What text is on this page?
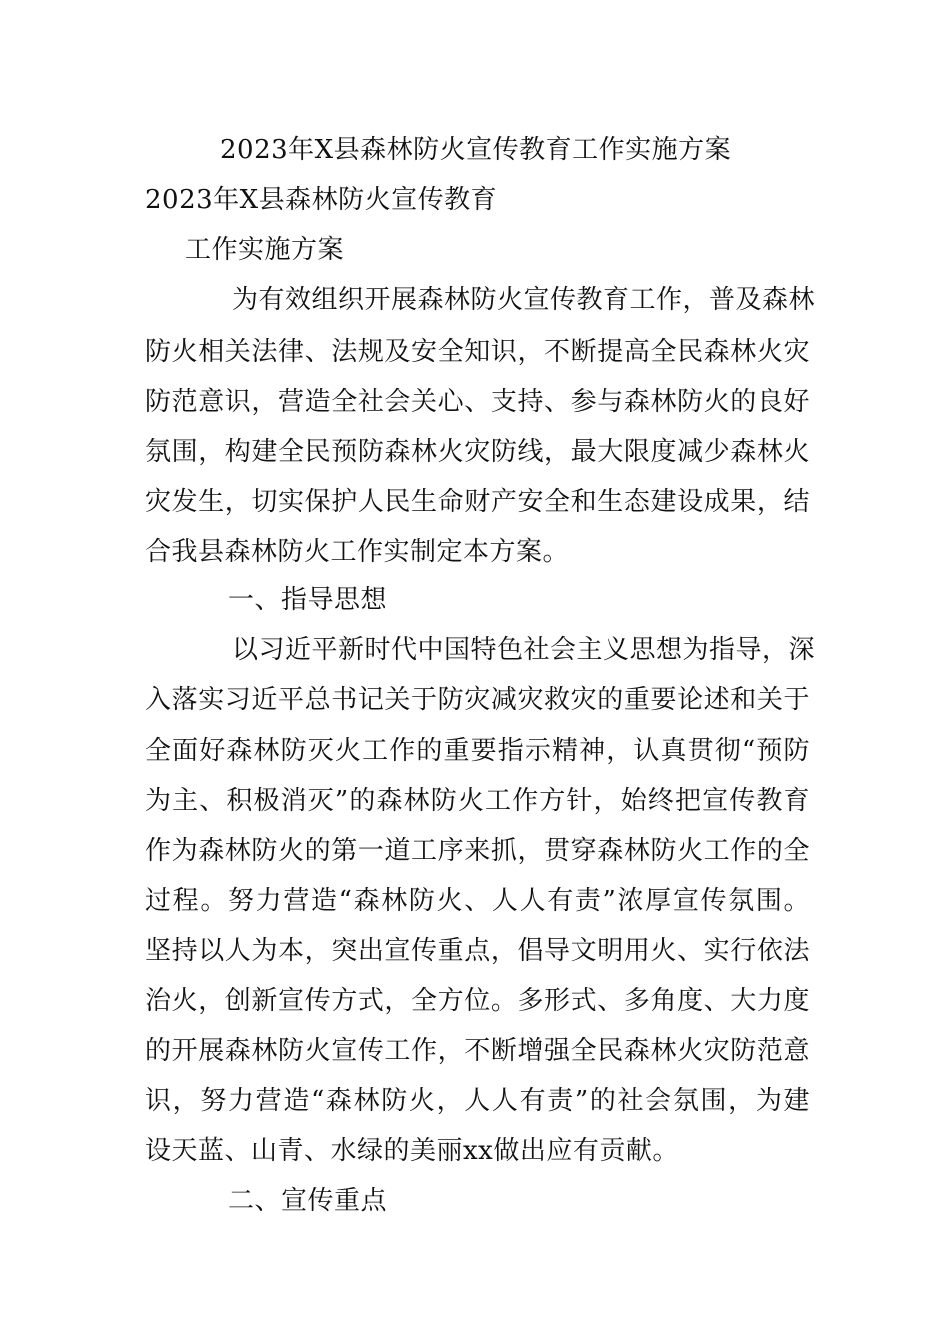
2023年X县森林防火宣传教育工作实施方案
2023年X县森林防火宣传教育
工作实施方案
为有效组织开展森林防火宣传教育工作，普及森林
防火相关法律、法规及安全知识，不断提高全民森林火灾
防范意识，营造全社会关心、支持、参与森林防火的良好
氛围，构建全民预防森林火灾防线，最大限度减少森林火
灾发生，切实保护人民生命财产安全和生态建设成果，结
合我县森林防火工作实制定本方案。
一、指导思想
以习近平新时代中国特色社会主义思想为指导，深
入落实习近平总书记关于防灾减灾救灾的重要论述和关于
全面好森林防灭火工作的重要指示精神，认真贯彻“预防
为主、积极消灭”的森林防火工作方针，始终把宣传教育
作为森林防火的第一道工序来抓，贯穿森林防火工作的全
过程。努力营造“森林防火、人人有责”浓厚宣传氛围。
坚持以人为本，突出宣传重点，倡导文明用火、实行依法
治火，创新宣传方式，全方位。多形式、多角度、大力度
的开展森林防火宣传工作，不断增强全民森林火灾防范意
识，努力营造“森林防火，人人有责”的社会氛围，为建
设天蓝、山青、水绿的美丽xx做出应有贡献。
二、宣传重点
